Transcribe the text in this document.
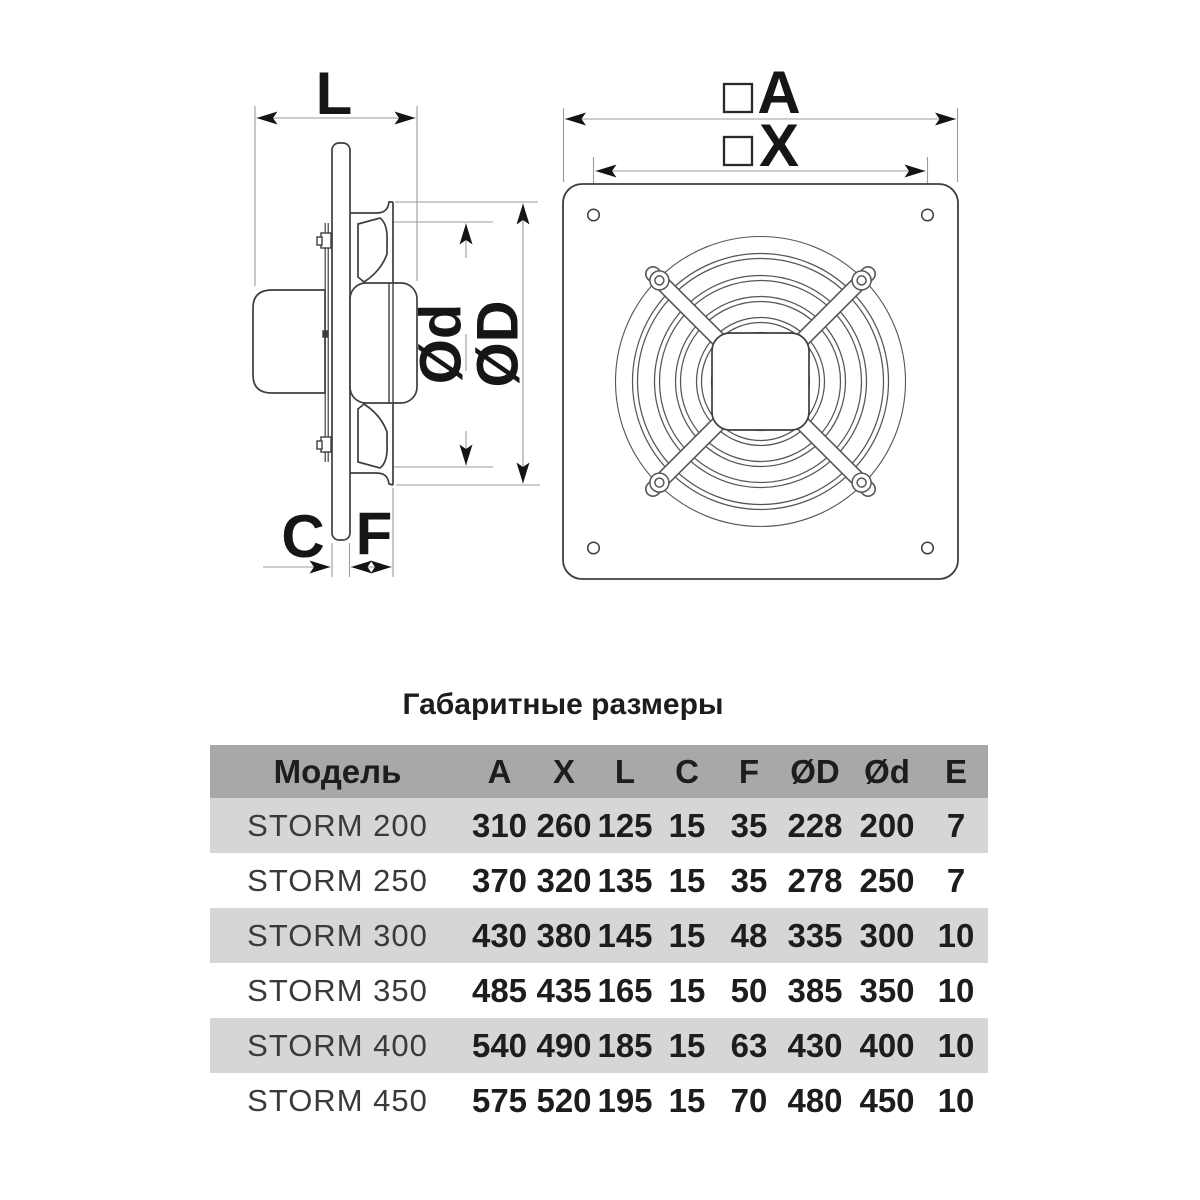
L
C F
Ød
ØD
A
X
Габаритные размеры
Модель	A	X	L	C	F ØD Ød	E
STORM 200	310 260 125 15 35 228 200 7
STORM 250	370 320 135 15 35 278 250 7
STORM 300	430 380 145 15 48 335 300 10
STORM 350	485 435 165 15 50 385 350 10
STORM 400	540 490 185 15 63 430 400 10
STORM 450	575 520 195 15 70 480 450 10
